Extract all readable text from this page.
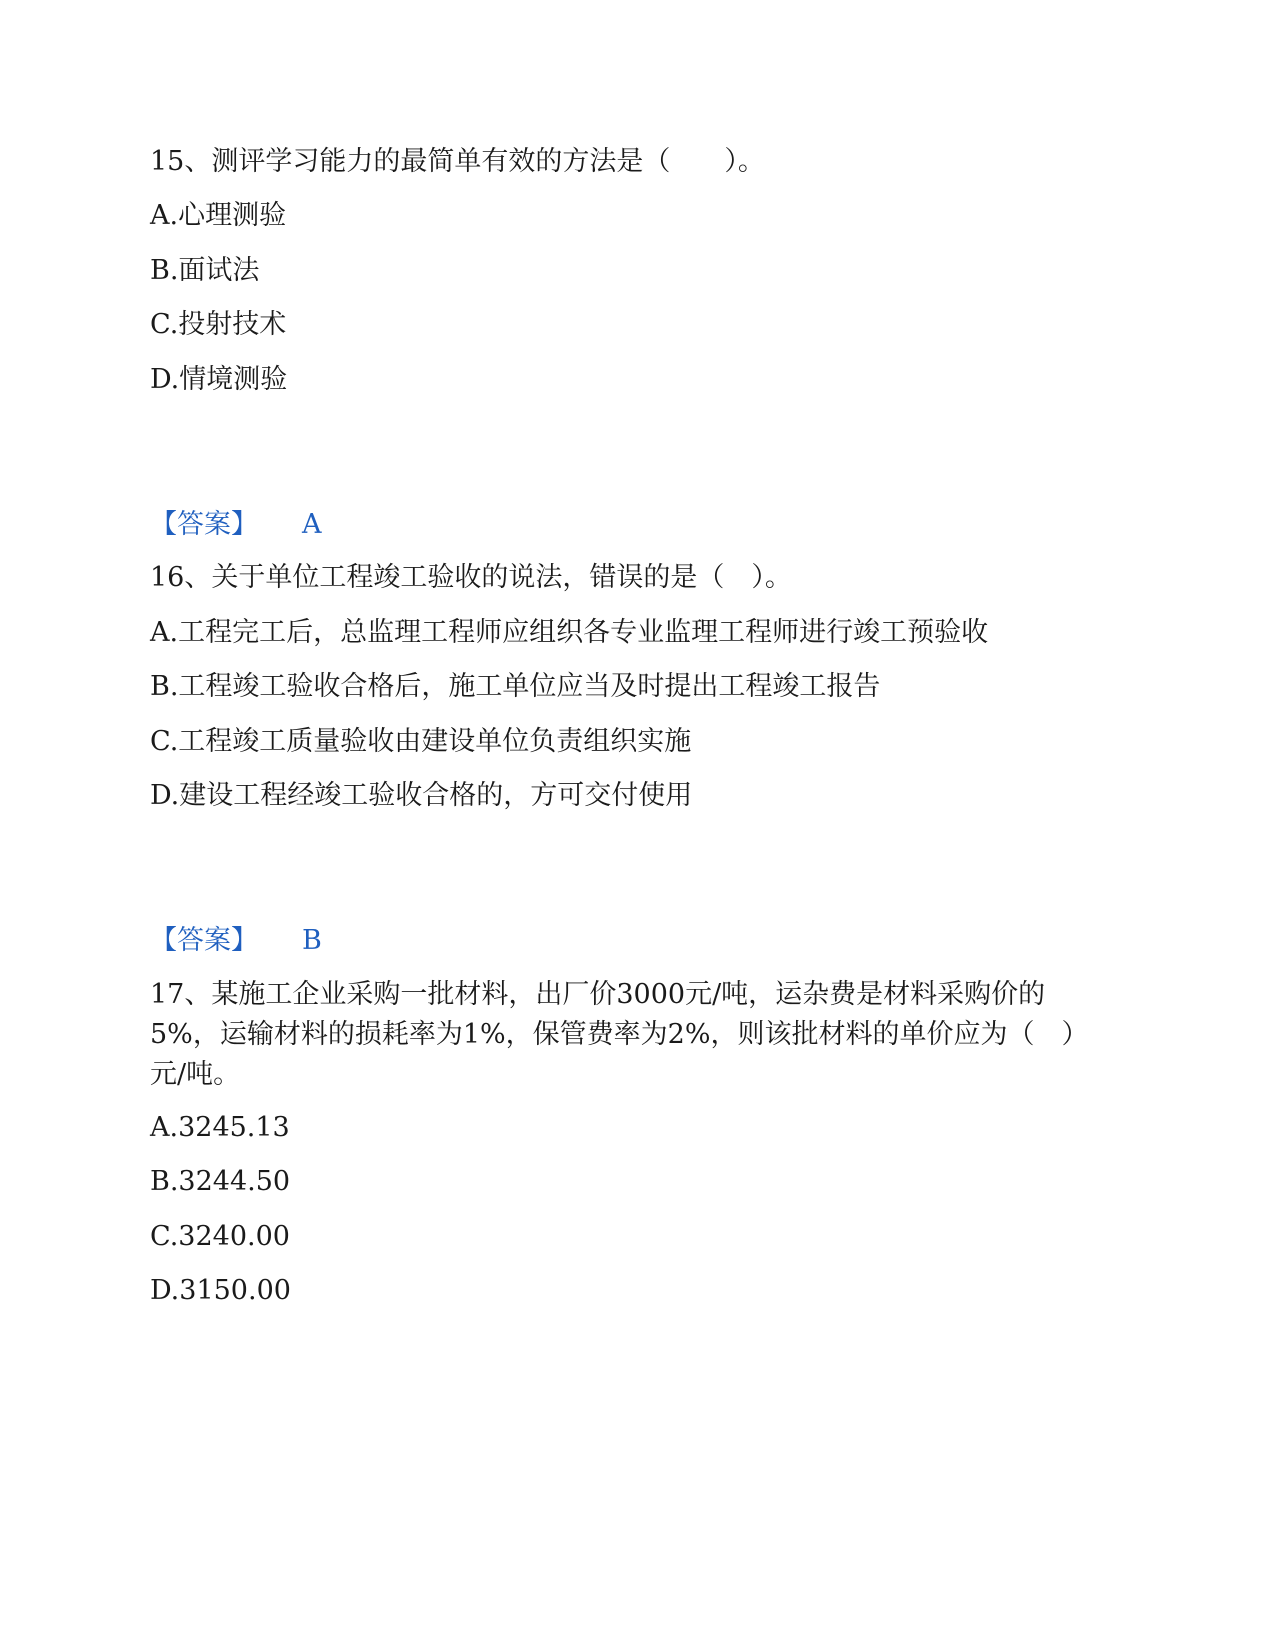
15、测评学习能力的最简单有效的方法是（　　）。
A.心理测验
B.面试法
C.投射技术
D.情境测验
【答案】 A
16、关于单位工程竣工验收的说法，错误的是（　）。
A.工程完工后，总监理工程师应组织各专业监理工程师进行竣工预验收
B.工程竣工验收合格后，施工单位应当及时提出工程竣工报告
C.工程竣工质量验收由建设单位负责组织实施
D.建设工程经竣工验收合格的，方可交付使用
【答案】 B
17、某施工企业采购一批材料，出厂价3000元/吨，运杂费是材料采购价的5%，运输材料的损耗率为1%，保管费率为2%，则该批材料的单价应为（　）元/吨。
A.3245.13
B.3244.50
C.3240.00
D.3150.00
